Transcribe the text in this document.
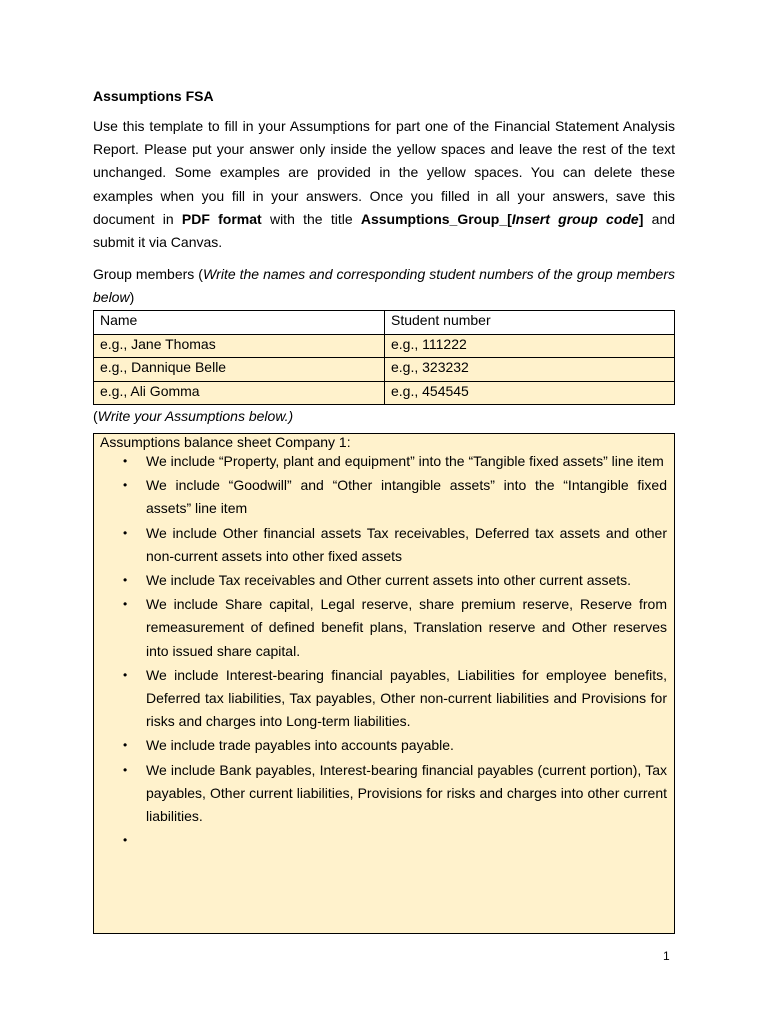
Assumptions FSA

Use this template to fill in your Assumptions for part one of the Financial Statement Analysis Report. Please put your answer only inside the yellow spaces and leave the rest of the text unchanged. Some examples are provided in the yellow spaces. You can delete these examples when you fill in your answers. Once you filled in all your answers, save this document in PDF format with the title Assumptions_Group_[Insert group code] and submit it via Canvas.

Group members (Write the names and corresponding student numbers of the group members below)

Name	Student number
e.g., Jane Thomas	e.g., 111222
e.g., Dannique Belle	e.g., 323232
e.g., Ali Gomma	e.g., 454545

(Write your Assumptions below.)

Assumptions balance sheet Company 1:

• We include “Property, plant and equipment” into the “Tangible fixed assets” line item
• We include “Goodwill” and “Other intangible assets” into the “Intangible fixed assets” line item
• We include Other financial assets Tax receivables, Deferred tax assets and other non-current assets into other fixed assets
• We include Tax receivables and Other current assets into other current assets.
• We include Share capital, Legal reserve, share premium reserve, Reserve from remeasurement of defined benefit plans, Translation reserve and Other reserves into issued share capital.
• We include Interest-bearing financial payables, Liabilities for employee benefits, Deferred tax liabilities, Tax payables, Other non-current liabilities and Provisions for risks and charges into Long-term liabilities.
• We include trade payables into accounts payable.
• We include Bank payables, Interest-bearing financial payables (current portion), Tax payables, Other current liabilities, Provisions for risks and charges into other current liabilities.
•
1
